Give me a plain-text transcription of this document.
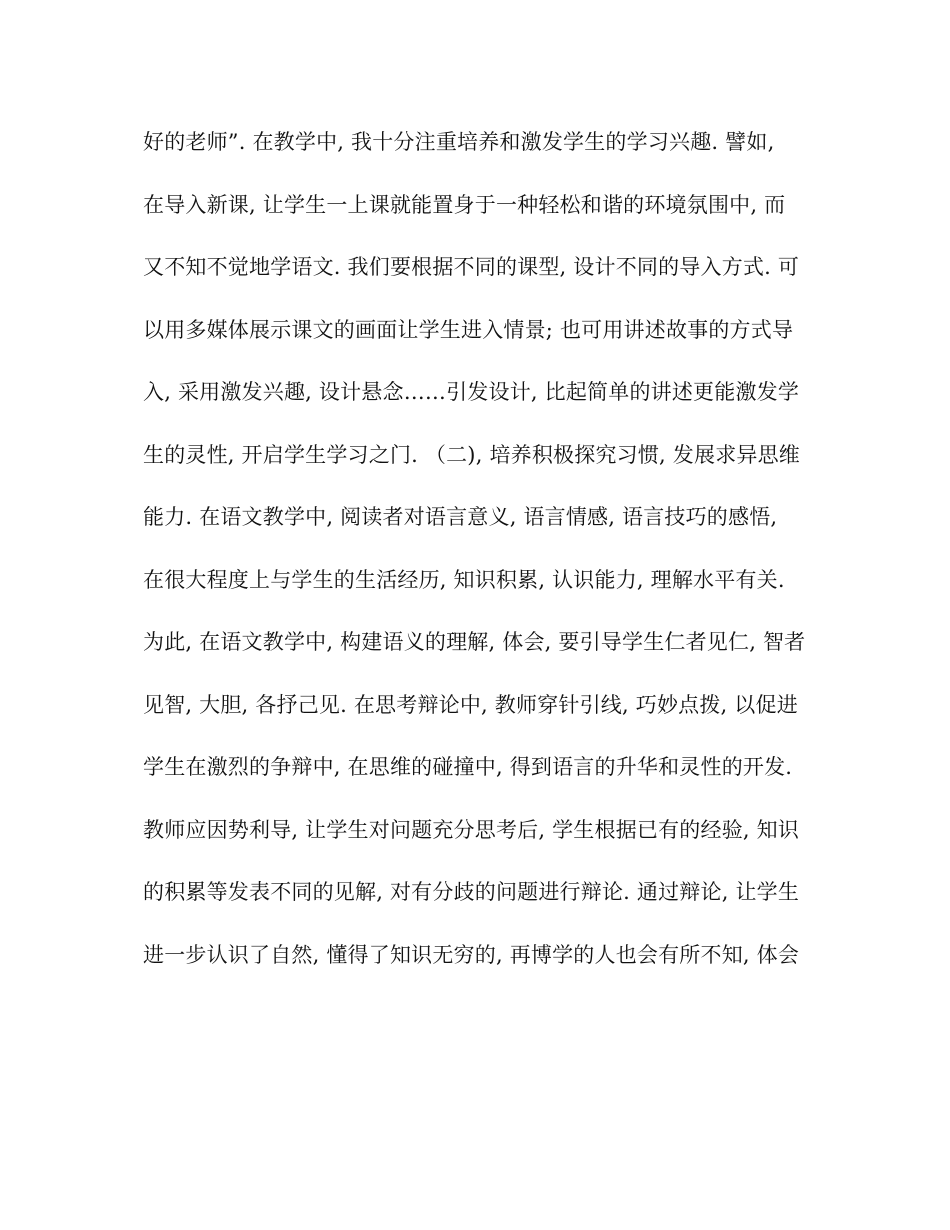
好的老师”. 在教学中, 我十分注重培养和激发学生的学习兴趣. 譬如,
在导入新课, 让学生一上课就能置身于一种轻松和谐的环境氛围中, 而
又不知不觉地学语文. 我们要根据不同的课型, 设计不同的导入方式. 可
以用多媒体展示课文的画面让学生进入情景; 也可用讲述故事的方式导
入, 采用激发兴趣, 设计悬念……引发设计, 比起简单的讲述更能激发学
生的灵性, 开启学生学习之门. （二), 培养积极探究习惯, 发展求异思维
能力. 在语文教学中, 阅读者对语言意义, 语言情感, 语言技巧的感悟,
在很大程度上与学生的生活经历, 知识积累, 认识能力, 理解水平有关.
为此, 在语文教学中, 构建语义的理解, 体会, 要引导学生仁者见仁, 智者
见智, 大胆, 各抒己见. 在思考辩论中, 教师穿针引线, 巧妙点拨, 以促进
学生在激烈的争辩中, 在思维的碰撞中, 得到语言的升华和灵性的开发.
教师应因势利导, 让学生对问题充分思考后, 学生根据已有的经验, 知识
的积累等发表不同的见解, 对有分歧的问题进行辩论. 通过辩论, 让学生
进一步认识了自然, 懂得了知识无穷的, 再博学的人也会有所不知, 体会
